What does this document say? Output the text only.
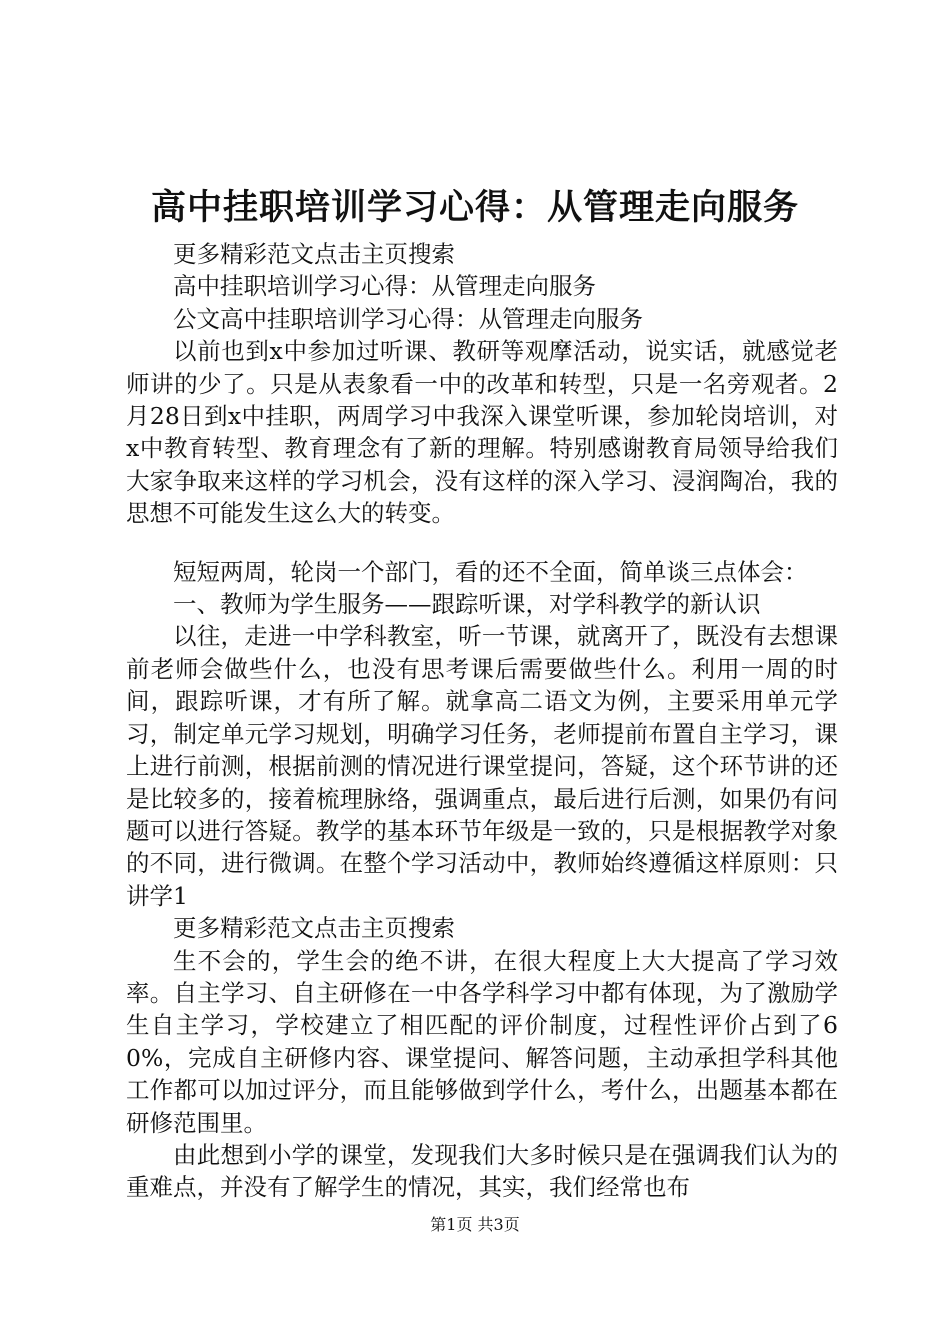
高中挂职培训学习心得：从管理走向服务

更多精彩范文点击主页搜索

高中挂职培训学习心得：从管理走向服务

公文高中挂职培训学习心得：从管理走向服务

以前也到x中参加过听课、教研等观摩活动，说实话，就感觉老师讲的少了。只是从表象看一中的改革和转型，只是一名旁观者。2月28日到x中挂职，两周学习中我深入课堂听课，参加轮岗培训，对x中教育转型、教育理念有了新的理解。特别感谢教育局领导给我们大家争取来这样的学习机会，没有这样的深入学习、浸润陶冶，我的思想不可能发生这么大的转变。

短短两周，轮岗一个部门，看的还不全面，简单谈三点体会：

一、教师为学生服务——跟踪听课，对学科教学的新认识

以往，走进一中学科教室，听一节课，就离开了，既没有去想课前老师会做些什么，也没有思考课后需要做些什么。利用一周的时间，跟踪听课，才有所了解。就拿高二语文为例，主要采用单元学习，制定单元学习规划，明确学习任务，老师提前布置自主学习，课上进行前测，根据前测的情况进行课堂提问，答疑，这个环节讲的还是比较多的，接着梳理脉络，强调重点，最后进行后测，如果仍有问题可以进行答疑。教学的基本环节年级是一致的，只是根据教学对象的不同，进行微调。在整个学习活动中，教师始终遵循这样原则：只讲学1

更多精彩范文点击主页搜索

生不会的，学生会的绝不讲，在很大程度上大大提高了学习效率。自主学习、自主研修在一中各学科学习中都有体现，为了激励学生自主学习，学校建立了相匹配的评价制度，过程性评价占到了60%，完成自主研修内容、课堂提问、解答问题，主动承担学科其他工作都可以加过评分，而且能够做到学什么，考什么，出题基本都在研修范围里。

由此想到小学的课堂，发现我们大多时候只是在强调我们认为的重难点，并没有了解学生的情况，其实，我们经常也布

第1页 共3页
